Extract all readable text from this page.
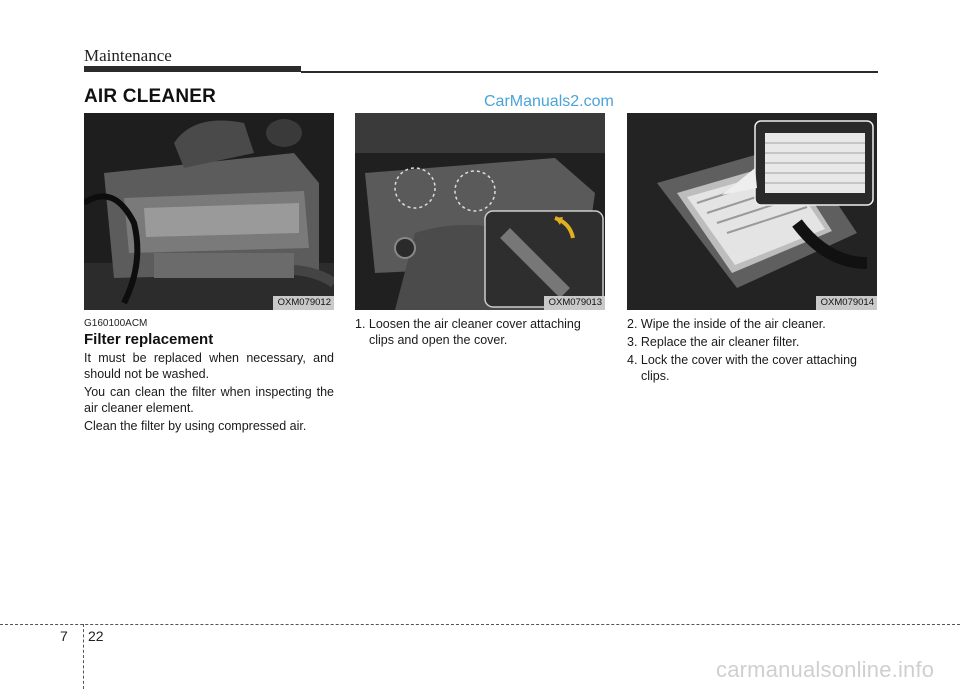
Maintenance
AIR CLEANER	CarManuals2.com
OXM079012	OXM079013	OXM079014
G160100ACM
Filter replacement

It must be replaced when necessary, and should not be washed.

You can clean the filter when inspecting the air cleaner element.

Clean the filter by using compressed air.

1. Loosen the air cleaner cover attaching clips and open the cover.

2. Wipe the inside of the air cleaner.

3. Replace the air cleaner filter.

4. Lock the cover with the cover attaching clips.

7 22
carmanualsonline.info
